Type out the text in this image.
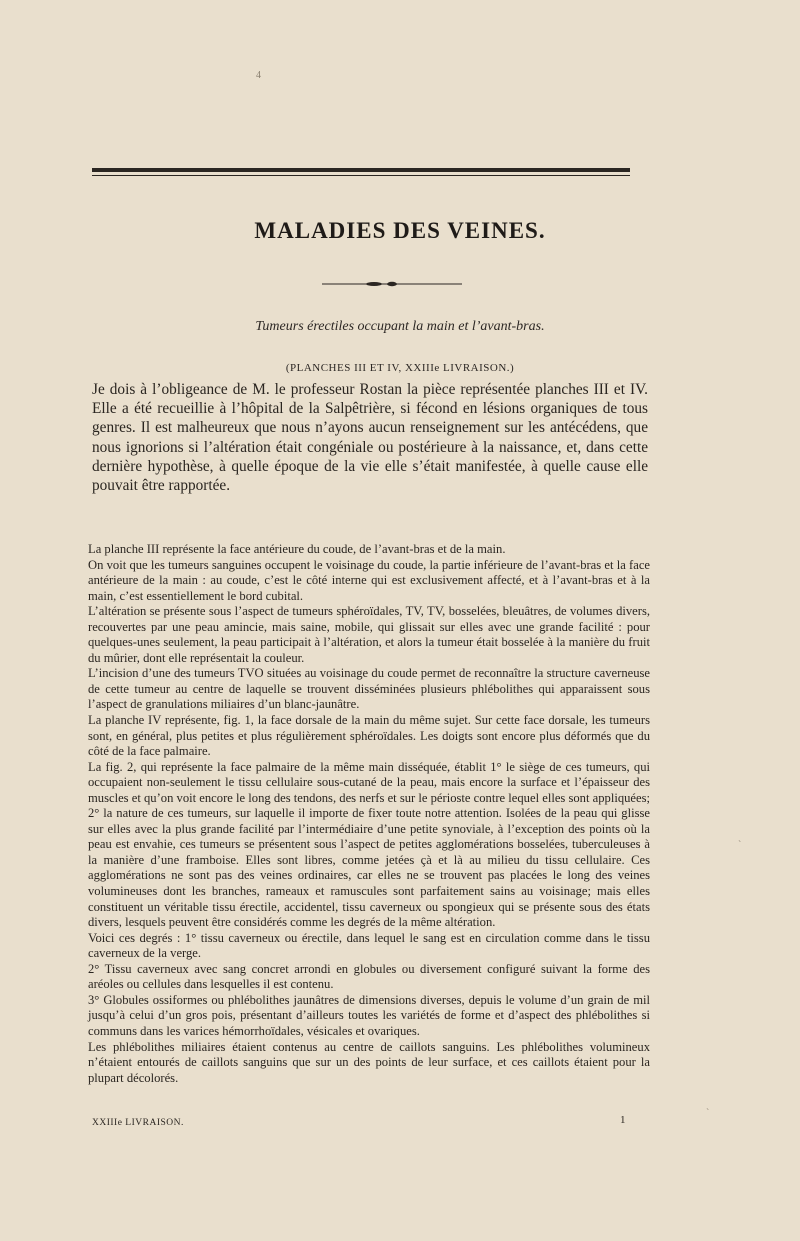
4
MALADIES DES VEINES.
Tumeurs érectiles occupant la main et l’avant-bras.
(PLANCHES III ET IV, XXIIIe LIVRAISON.)

Je dois à l’obligeance de M. le professeur Rostan la pièce représentée planches III et IV. Elle a été recueillie à l’hôpital de la Salpêtrière, si fécond en lésions organiques de tous genres. Il est malheureux que nous n’ayons aucun renseignement sur les antécédens, que nous ignorions si l’altération était congéniale ou postérieure à la naissance, et, dans cette dernière hypothèse, à quelle époque de la vie elle s’était manifestée, à quelle cause elle pouvait être rapportée.

La planche III représente la face antérieure du coude, de l’avant-bras et de la main.

On voit que les tumeurs sanguines occupent le voisinage du coude, la partie inférieure de l’avant-bras et la face antérieure de la main : au coude, c’est le côté interne qui est exclusivement affecté, et à l’avant-bras et à la main, c’est essentiellement le bord cubital.

L’altération se présente sous l’aspect de tumeurs sphéroïdales, TV, TV, bosselées, bleuâtres, de volumes divers, recouvertes par une peau amincie, mais saine, mobile, qui glissait sur elles avec une grande facilité : pour quelques-unes seulement, la peau participait à l’altération, et alors la tumeur était bosselée à la manière du fruit du mûrier, dont elle représentait la couleur.

L’incision d’une des tumeurs TVO situées au voisinage du coude permet de reconnaître la structure caverneuse de cette tumeur au centre de laquelle se trouvent disséminées plusieurs phlébolithes qui apparaissent sous l’aspect de granulations miliaires d’un blanc-jaunâtre.

La planche IV représente, fig. 1, la face dorsale de la main du même sujet. Sur cette face dorsale, les tumeurs sont, en général, plus petites et plus régulièrement sphéroïdales. Les doigts sont encore plus déformés que du côté de la face palmaire.

La fig. 2, qui représente la face palmaire de la même main disséquée, établit 1° le siège de ces tumeurs, qui occupaient non-seulement le tissu cellulaire sous-cutané de la peau, mais encore la surface et l’épaisseur des muscles et qu’on voit encore le long des tendons, des nerfs et sur le périoste contre lequel elles sont appliquées; 2° la nature de ces tumeurs, sur laquelle il importe de fixer toute notre attention. Isolées de la peau qui glisse sur elles avec la plus grande facilité par l’intermédiaire d’une petite synoviale, à l’exception des points où la peau est envahie, ces tumeurs se présentent sous l’aspect de petites agglomérations bosselées, tuberculeuses à la manière d’une framboise. Elles sont libres, comme jetées çà et là au milieu du tissu cellulaire. Ces agglomérations ne sont pas des veines ordinaires, car elles ne se trouvent pas placées le long des veines volumineuses dont les branches, rameaux et ramuscules sont parfaitement sains au voisinage; mais elles constituent un véritable tissu érectile, accidentel, tissu caverneux ou spongieux qui se présente sous des états divers, lesquels peuvent être considérés comme les degrés de la même altération.

Voici ces degrés : 1° tissu caverneux ou érectile, dans lequel le sang est en circulation comme dans le tissu caverneux de la verge.

2° Tissu caverneux avec sang concret arrondi en globules ou diversement configuré suivant la forme des aréoles ou cellules dans lesquelles il est contenu.

3° Globules ossiformes ou phlébolithes jaunâtres de dimensions diverses, depuis le volume d’un grain de mil jusqu’à celui d’un gros pois, présentant d’ailleurs toutes les variétés de forme et d’aspect des phlébolithes si communs dans les varices hémorrhoïdales, vésicales et ovariques.

Les phlébolithes miliaires étaient contenus au centre de caillots sanguins. Les phlébolithes volumineux n’étaient entourés de caillots sanguins que sur un des points de leur surface, et ces caillots étaient pour la plupart décolorés.

XXIIIe LIVRAISON.	1
ˋ
ˋ
